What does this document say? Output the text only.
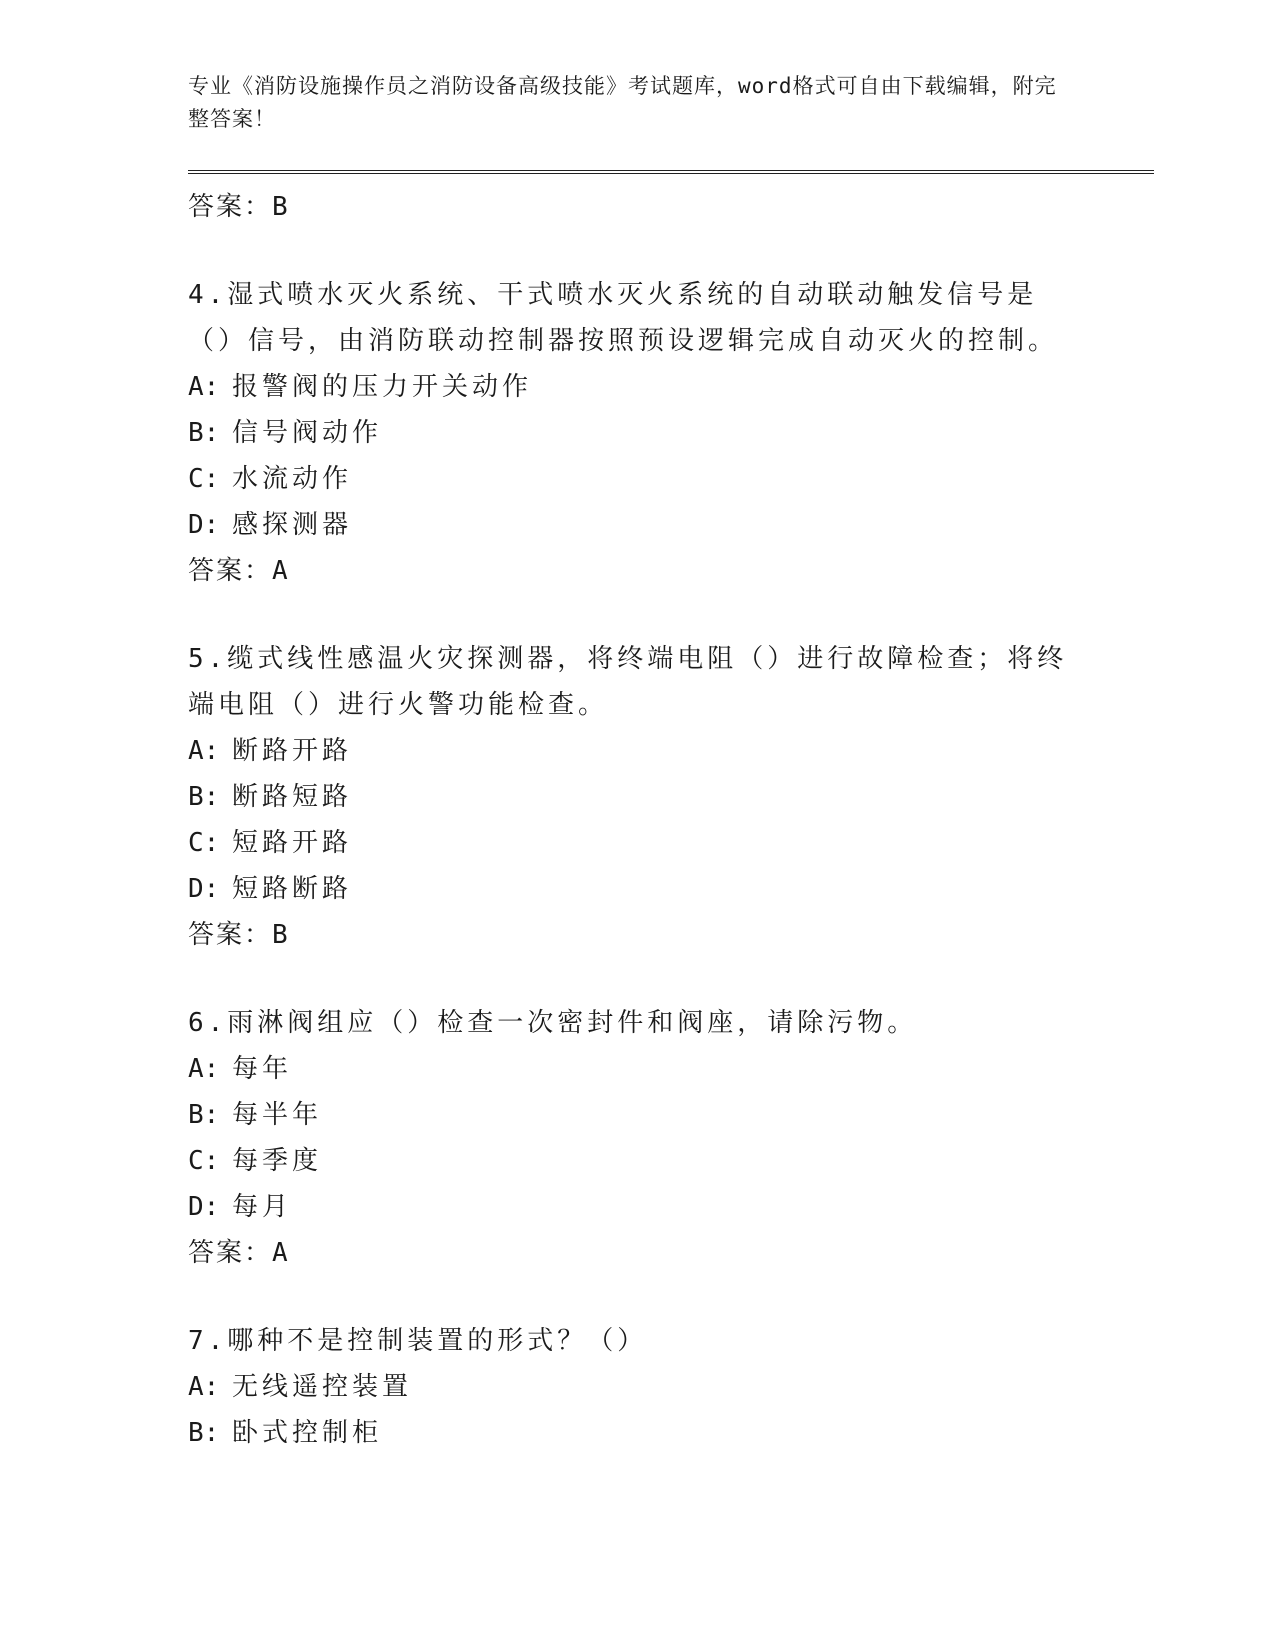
专业《消防设施操作员之消防设备高级技能》考试题库，word格式可自由下载编辑，附完整答案！
答案：B
4.湿式喷水灭火系统、干式喷水灭火系统的自动联动触发信号是（）信号，由消防联动控制器按照预设逻辑完成自动灭火的控制。
A: 报警阀的压力开关动作
B: 信号阀动作
C: 水流动作
D: 感探测器
答案：A
5.缆式线性感温火灾探测器，将终端电阻（）进行故障检查；将终端电阻（）进行火警功能检查。
A: 断路开路
B: 断路短路
C: 短路开路
D: 短路断路
答案：B
6.雨淋阀组应（）检查一次密封件和阀座，请除污物。
A: 每年
B: 每半年
C: 每季度
D: 每月
答案：A
7.哪种不是控制装置的形式？（）
A: 无线遥控装置
B: 卧式控制柜
